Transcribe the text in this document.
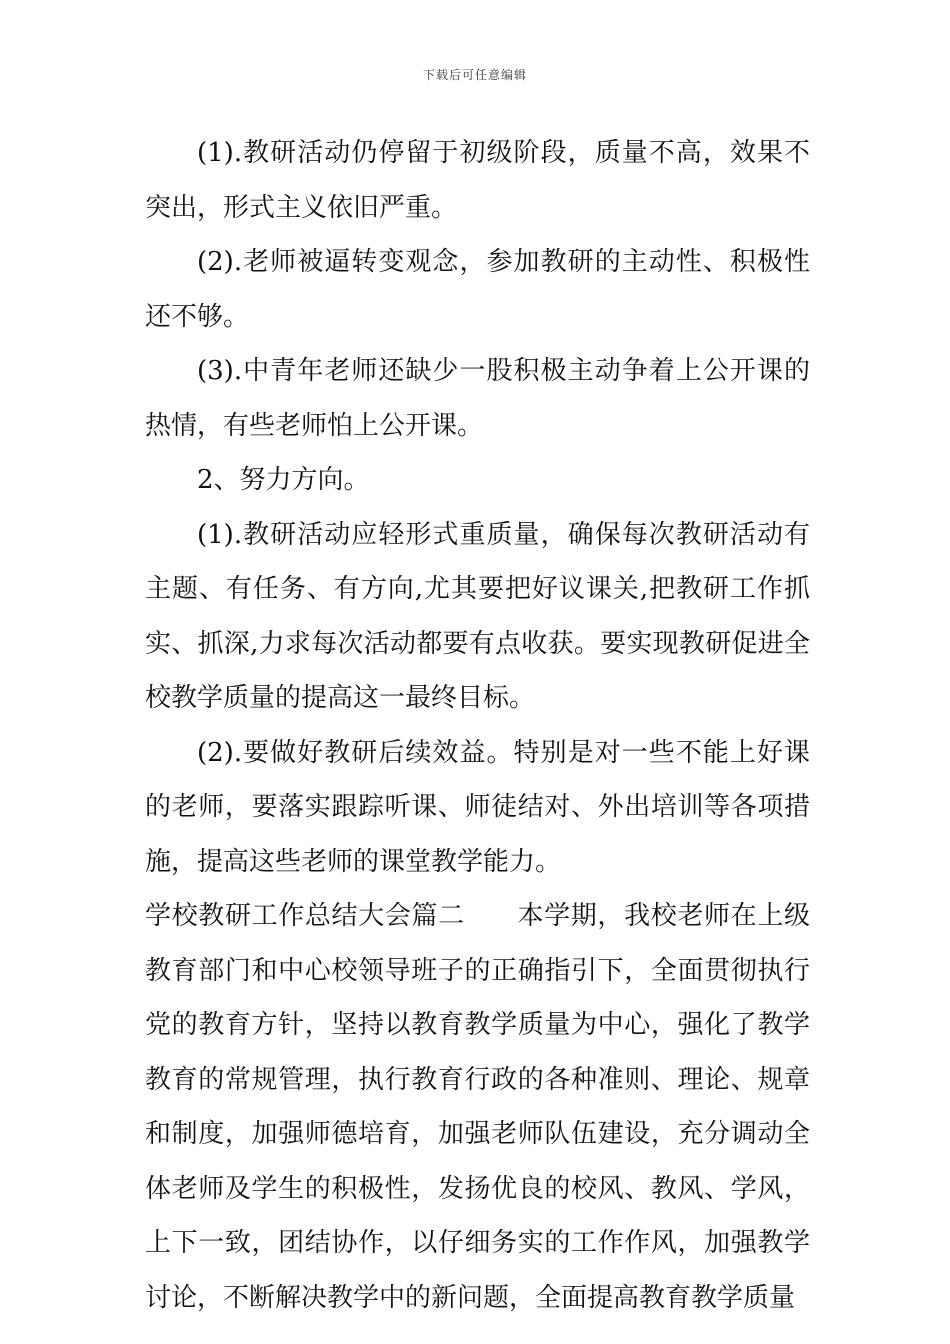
下载后可任意编辑

(1).教研活动仍停留于初级阶段，质量不高，效果不突出，形式主义依旧严重。

(2).老师被逼转变观念，参加教研的主动性、积极性还不够。

(3).中青年老师还缺少一股积极主动争着上公开课的热情，有些老师怕上公开课。

2、努力方向。

(1).教研活动应轻形式重质量，确保每次教研活动有主题、有任务、有方向,尤其要把好议课关,把教研工作抓实、抓深,力求每次活动都要有点收获。要实现教研促进全校教学质量的提高这一最终目标。

(2).要做好教研后续效益。特别是对一些不能上好课的老师，要落实跟踪听课、师徒结对、外出培训等各项措施，提高这些老师的课堂教学能力。

学校教研工作总结大会篇二 本学期，我校老师在上级教育部门和中心校领导班子的正确指引下，全面贯彻执行党的教育方针，坚持以教育教学质量为中心，强化了教学教育的常规管理，执行教育行政的各种准则、理论、规章和制度，加强师德培育，加强老师队伍建设，充分调动全体老师及学生的积极性，发扬优良的校风、教风、学风，上下一致，团结协作，以仔细务实的工作作风，加强教学讨论，不断解决教学中的新问题，全面提高教育教学质量
